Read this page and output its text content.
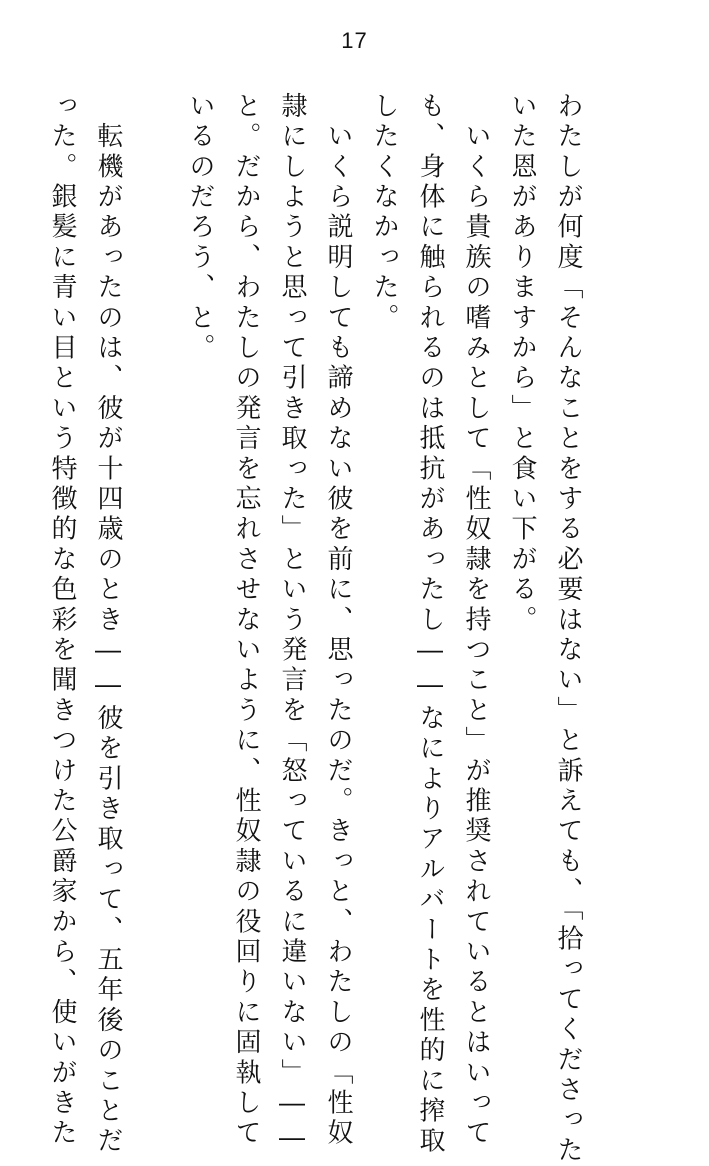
17

わたしが何度「そんなことをする必要はない」と訴えても、「拾ってくださった

いた恩がありますから」と食い下がる。

　いくら貴族の嗜みとして「性奴隷を持つこと」が推奨されているとはいって

も、身体に触られるのは抵抗があったし――なによりアルバートを性的に搾取

したくなかった。

　いくら説明しても諦めない彼を前に、思ったのだ。きっと、わたしの「性奴

隷にしようと思って引き取った」という発言を「怒っているに違いない」――

と。だから、わたしの発言を忘れさせないように、性奴隷の役回りに固執して

いるのだろう、と。

　転機があったのは、彼が十四歳のとき――彼を引き取って、五年後のことだ

った。銀髪に青い目という特徴的な色彩を聞きつけた公爵家から、使いがきた
